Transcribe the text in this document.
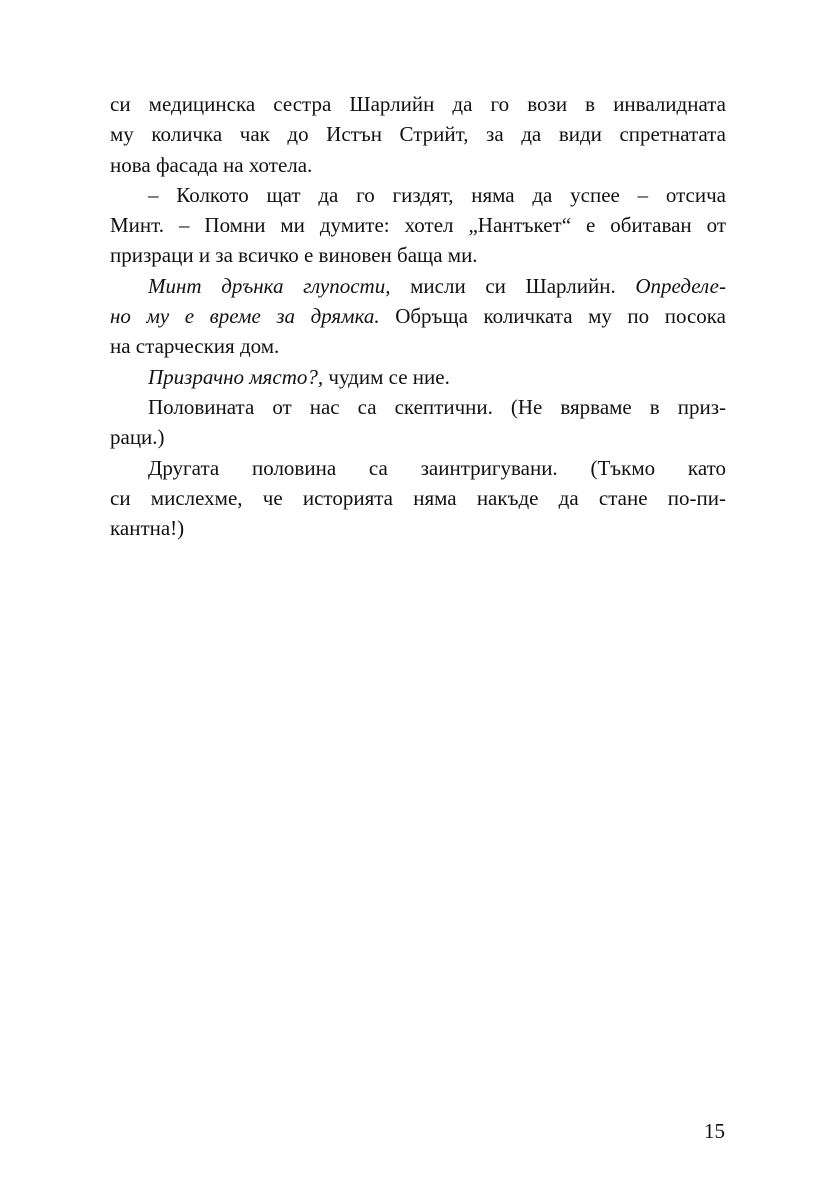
си медицинска сестра Шарлийн да го вози в инвалидната
му количка чак до Истън Стрийт, за да види спретнатата
нова фасада на хотела.

– Колкото щат да го гиздят, няма да успее – отсича
Минт. – Помни ми думите: хотел „Нантъкет“ е обитаван от
призраци и за всичко е виновен баща ми.

Минт дрънка глупости, мисли си Шарлийн. Определе-
но му е време за дрямка. Обръща количката му по посока
на старческия дом.

Призрачно място?, чудим се ние.

Половината от нас са скептични. (Не вярваме в приз-
раци.)

Другата половина са заинтригувани. (Тъкмо като
си мислехме, че историята няма накъде да стане по-пи-
кантна!)

15
